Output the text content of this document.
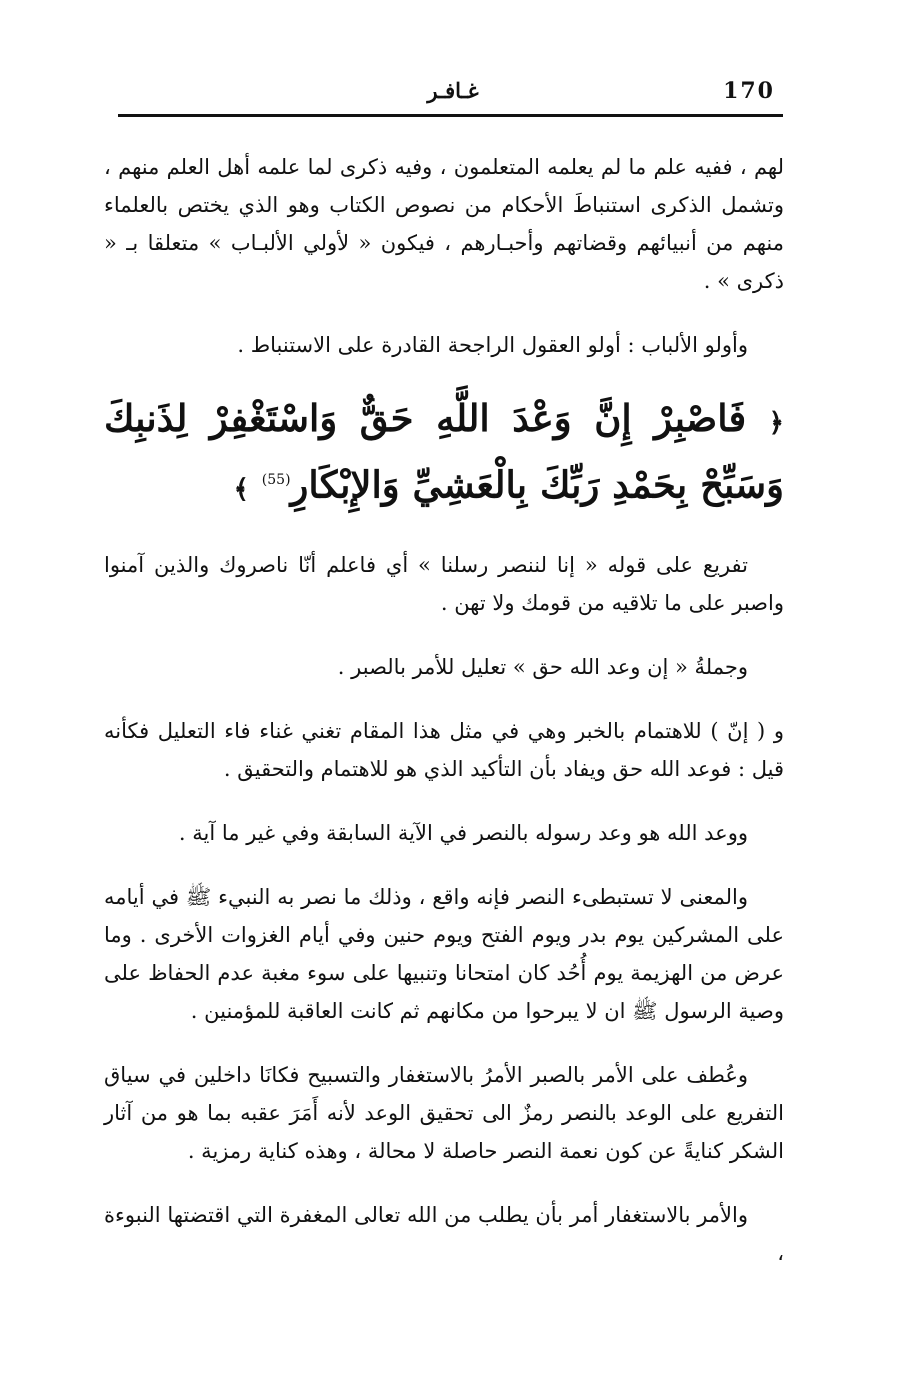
غـافـر	170

لهم ، ففيه علم ما لم يعلمه المتعلمون ، وفيه ذكرى لما علمه أهل العلم منهم ، وتشمل الذكرى استنباطَ الأحكام من نصوص الكتاب وهو الذي يختص بالعلماء منهم من أنبيائهم وقضاتهم وأحبـارهم ، فيكون « لأولي الألبـاب » متعلقا بـ « ذكرى » .

وأولو الألباب : أولو العقول الراجحة القادرة على الاستنباط .

﴿ فَاصْبِرْ إِنَّ وَعْدَ اللَّهِ حَقٌّ وَاسْتَغْفِرْ لِذَنبِكَ وَسَبِّحْ بِحَمْدِ رَبِّكَ بِالْعَشِيِّ وَالإِبْكَارِ$^{(55)}$ ﴾

تفريع على قوله « إنا لننصر رسلنا » أي فاعلم أنّا ناصروك والذين آمنوا واصبر على ما تلاقيه من قومك ولا تهن .

وجملةُ « إن وعد الله حق » تعليل للأمر بالصبر .

و ( إنّ ) للاهتمام بالخبر وهي في مثل هذا المقام تغني غناء فاء التعليل فكأنه قيل : فوعد الله حق ويفاد بأن التأكيد الذي هو للاهتمام والتحقيق .

ووعد الله هو وعد رسوله بالنصر في الآية السابقة وفي غير ما آية .

والمعنى لا تستبطىء النصر فإنه واقع ، وذلك ما نصر به النبيء ﷺ في أيامه على المشركين يوم بدر ويوم الفتح ويوم حنين وفي أيام الغزوات الأخرى . وما عرض من الهزيمة يوم أُحُد كان امتحانا وتنبيها على سوء مغبة عدم الحفاظ على وصية الرسول ﷺ ان لا يبرحوا من مكانهم ثم كانت العاقبة للمؤمنين .

وعُطف على الأمر بالصبر الأمرُ بالاستغفار والتسبيح فكانَا داخلين في سياق التفريع على الوعد بالنصر رمزٌ الى تحقيق الوعد لأنه أَمَرَ عقبه بما هو من آثار الشكر كنايةً عن كون نعمة النصر حاصلة لا محالة ، وهذه كناية رمزية .

والأمر بالاستغفار أمر بأن يطلب من الله تعالى المغفرة التي اقتضتها النبوءة ،
